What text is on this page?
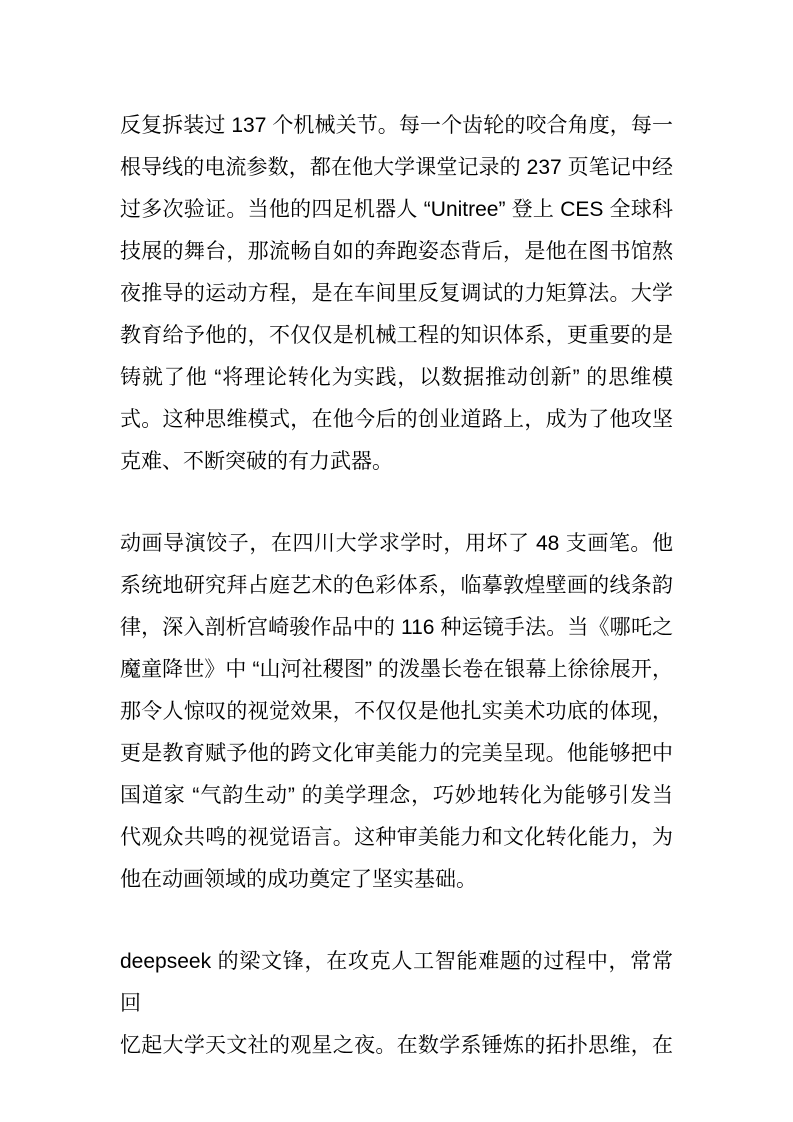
反复拆装过 137 个机械关节。每一个齿轮的咬合角度，每一
根导线的电流参数，都在他大学课堂记录的 237 页笔记中经
过多次验证。当他的四足机器人 “Unitree” 登上 CES 全球科
技展的舞台，那流畅自如的奔跑姿态背后，是他在图书馆熬
夜推导的运动方程，是在车间里反复调试的力矩算法。大学
教育给予他的，不仅仅是机械工程的知识体系，更重要的是
铸就了他 “将理论转化为实践，以数据推动创新” 的思维模
式。这种思维模式，在他今后的创业道路上，成为了他攻坚
克难、不断突破的有力武器。

动画导演饺子，在四川大学求学时，用坏了 48 支画笔。他
系统地研究拜占庭艺术的色彩体系，临摹敦煌壁画的线条韵
律，深入剖析宫崎骏作品中的 116 种运镜手法。当《哪吒之
魔童降世》中 “山河社稷图” 的泼墨长卷在银幕上徐徐展开，
那令人惊叹的视觉效果，不仅仅是他扎实美术功底的体现，
更是教育赋予他的跨文化审美能力的完美呈现。他能够把中
国道家 “气韵生动” 的美学理念，巧妙地转化为能够引发当
代观众共鸣的视觉语言。这种审美能力和文化转化能力，为
他在动画领域的成功奠定了坚实基础。

deepseek 的梁文锋，在攻克人工智能难题的过程中，常常回
忆起大学天文社的观星之夜。在数学系锤炼的拓扑思维，在
